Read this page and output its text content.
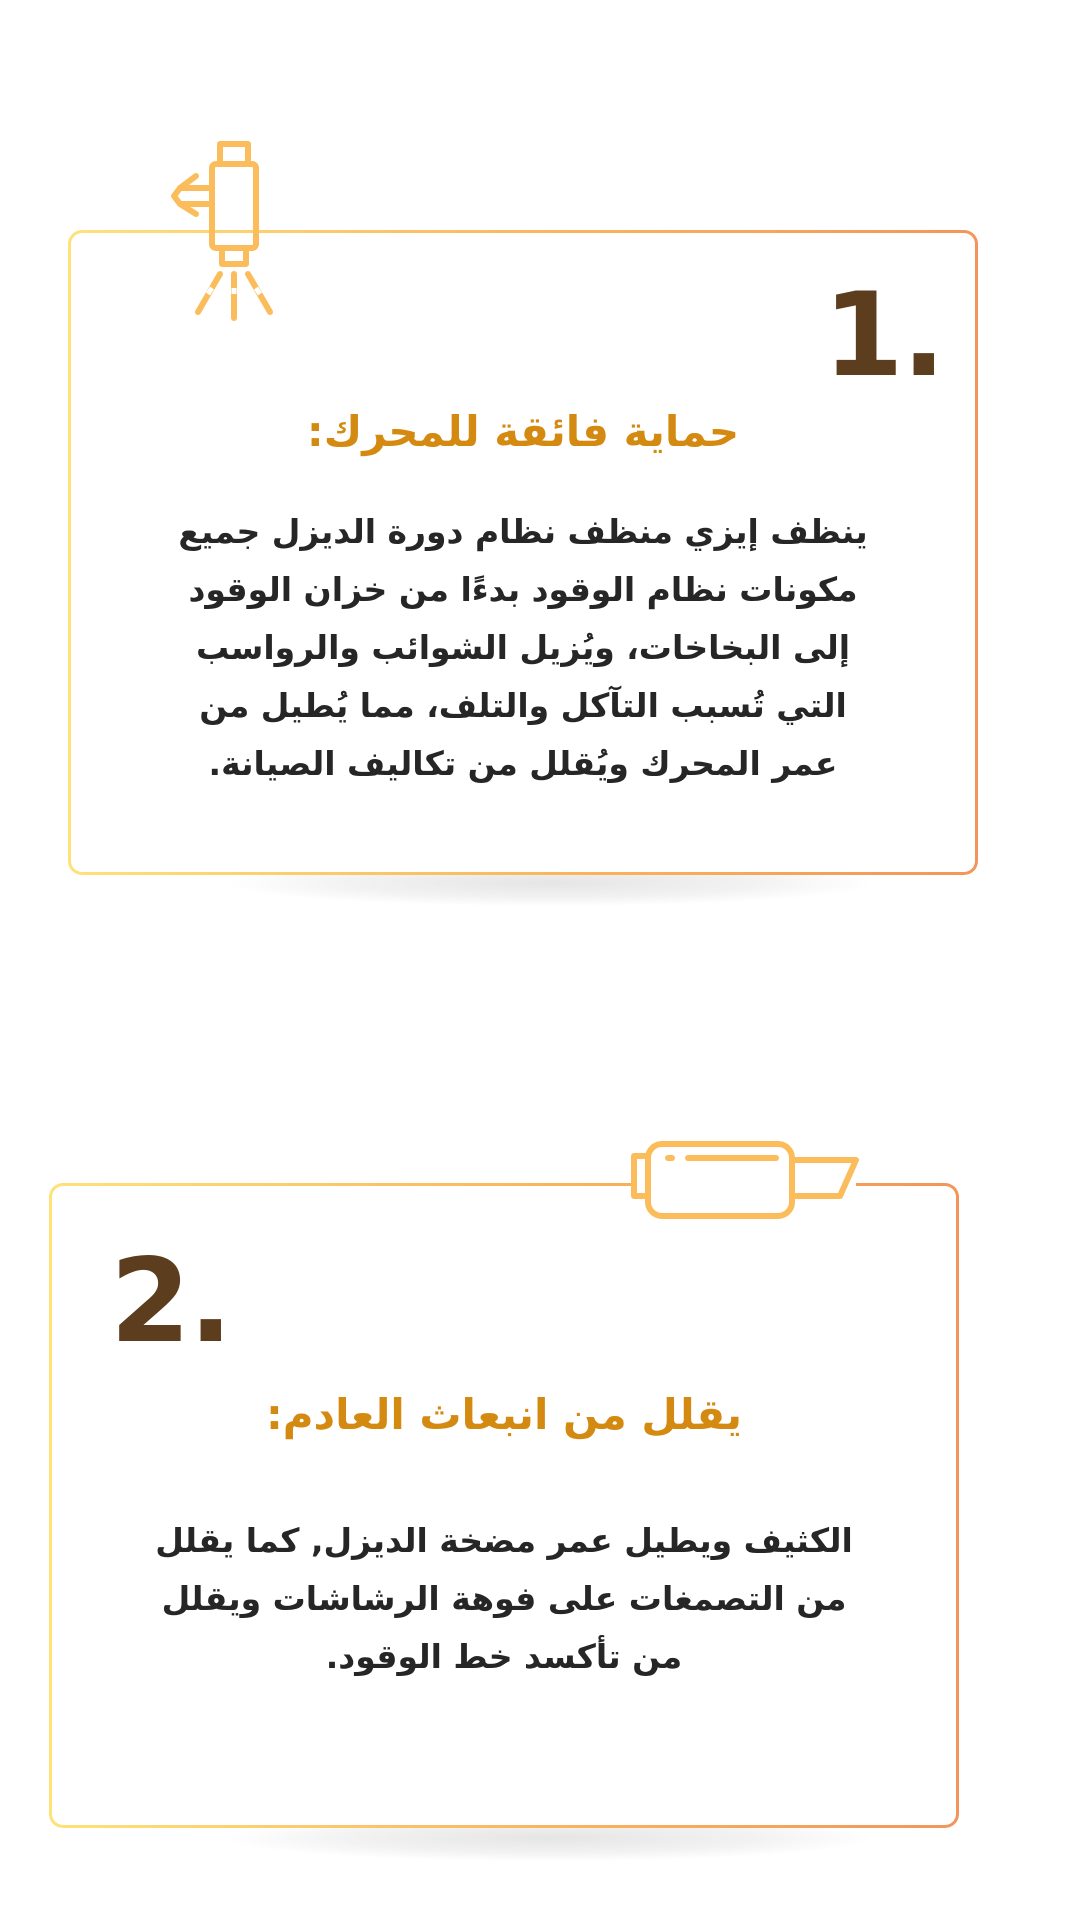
1.
حماية فائقة للمحرك:
ينظف إيزي منظف نظام دورة الديزل جميع مكونات نظام الوقود بدءًا من خزان الوقود إلى البخاخات، ويُزيل الشوائب والرواسب التي تُسبب التآكل والتلف، مما يُطيل من عمر المحرك ويُقلل من تكاليف الصيانة.
2.
يقلل من انبعاث العادم:
الكثيف ويطيل عمر مضخة الديزل, كما يقلل من التصمغات على فوهة الرشاشات ويقلل من تأكسد خط الوقود.
